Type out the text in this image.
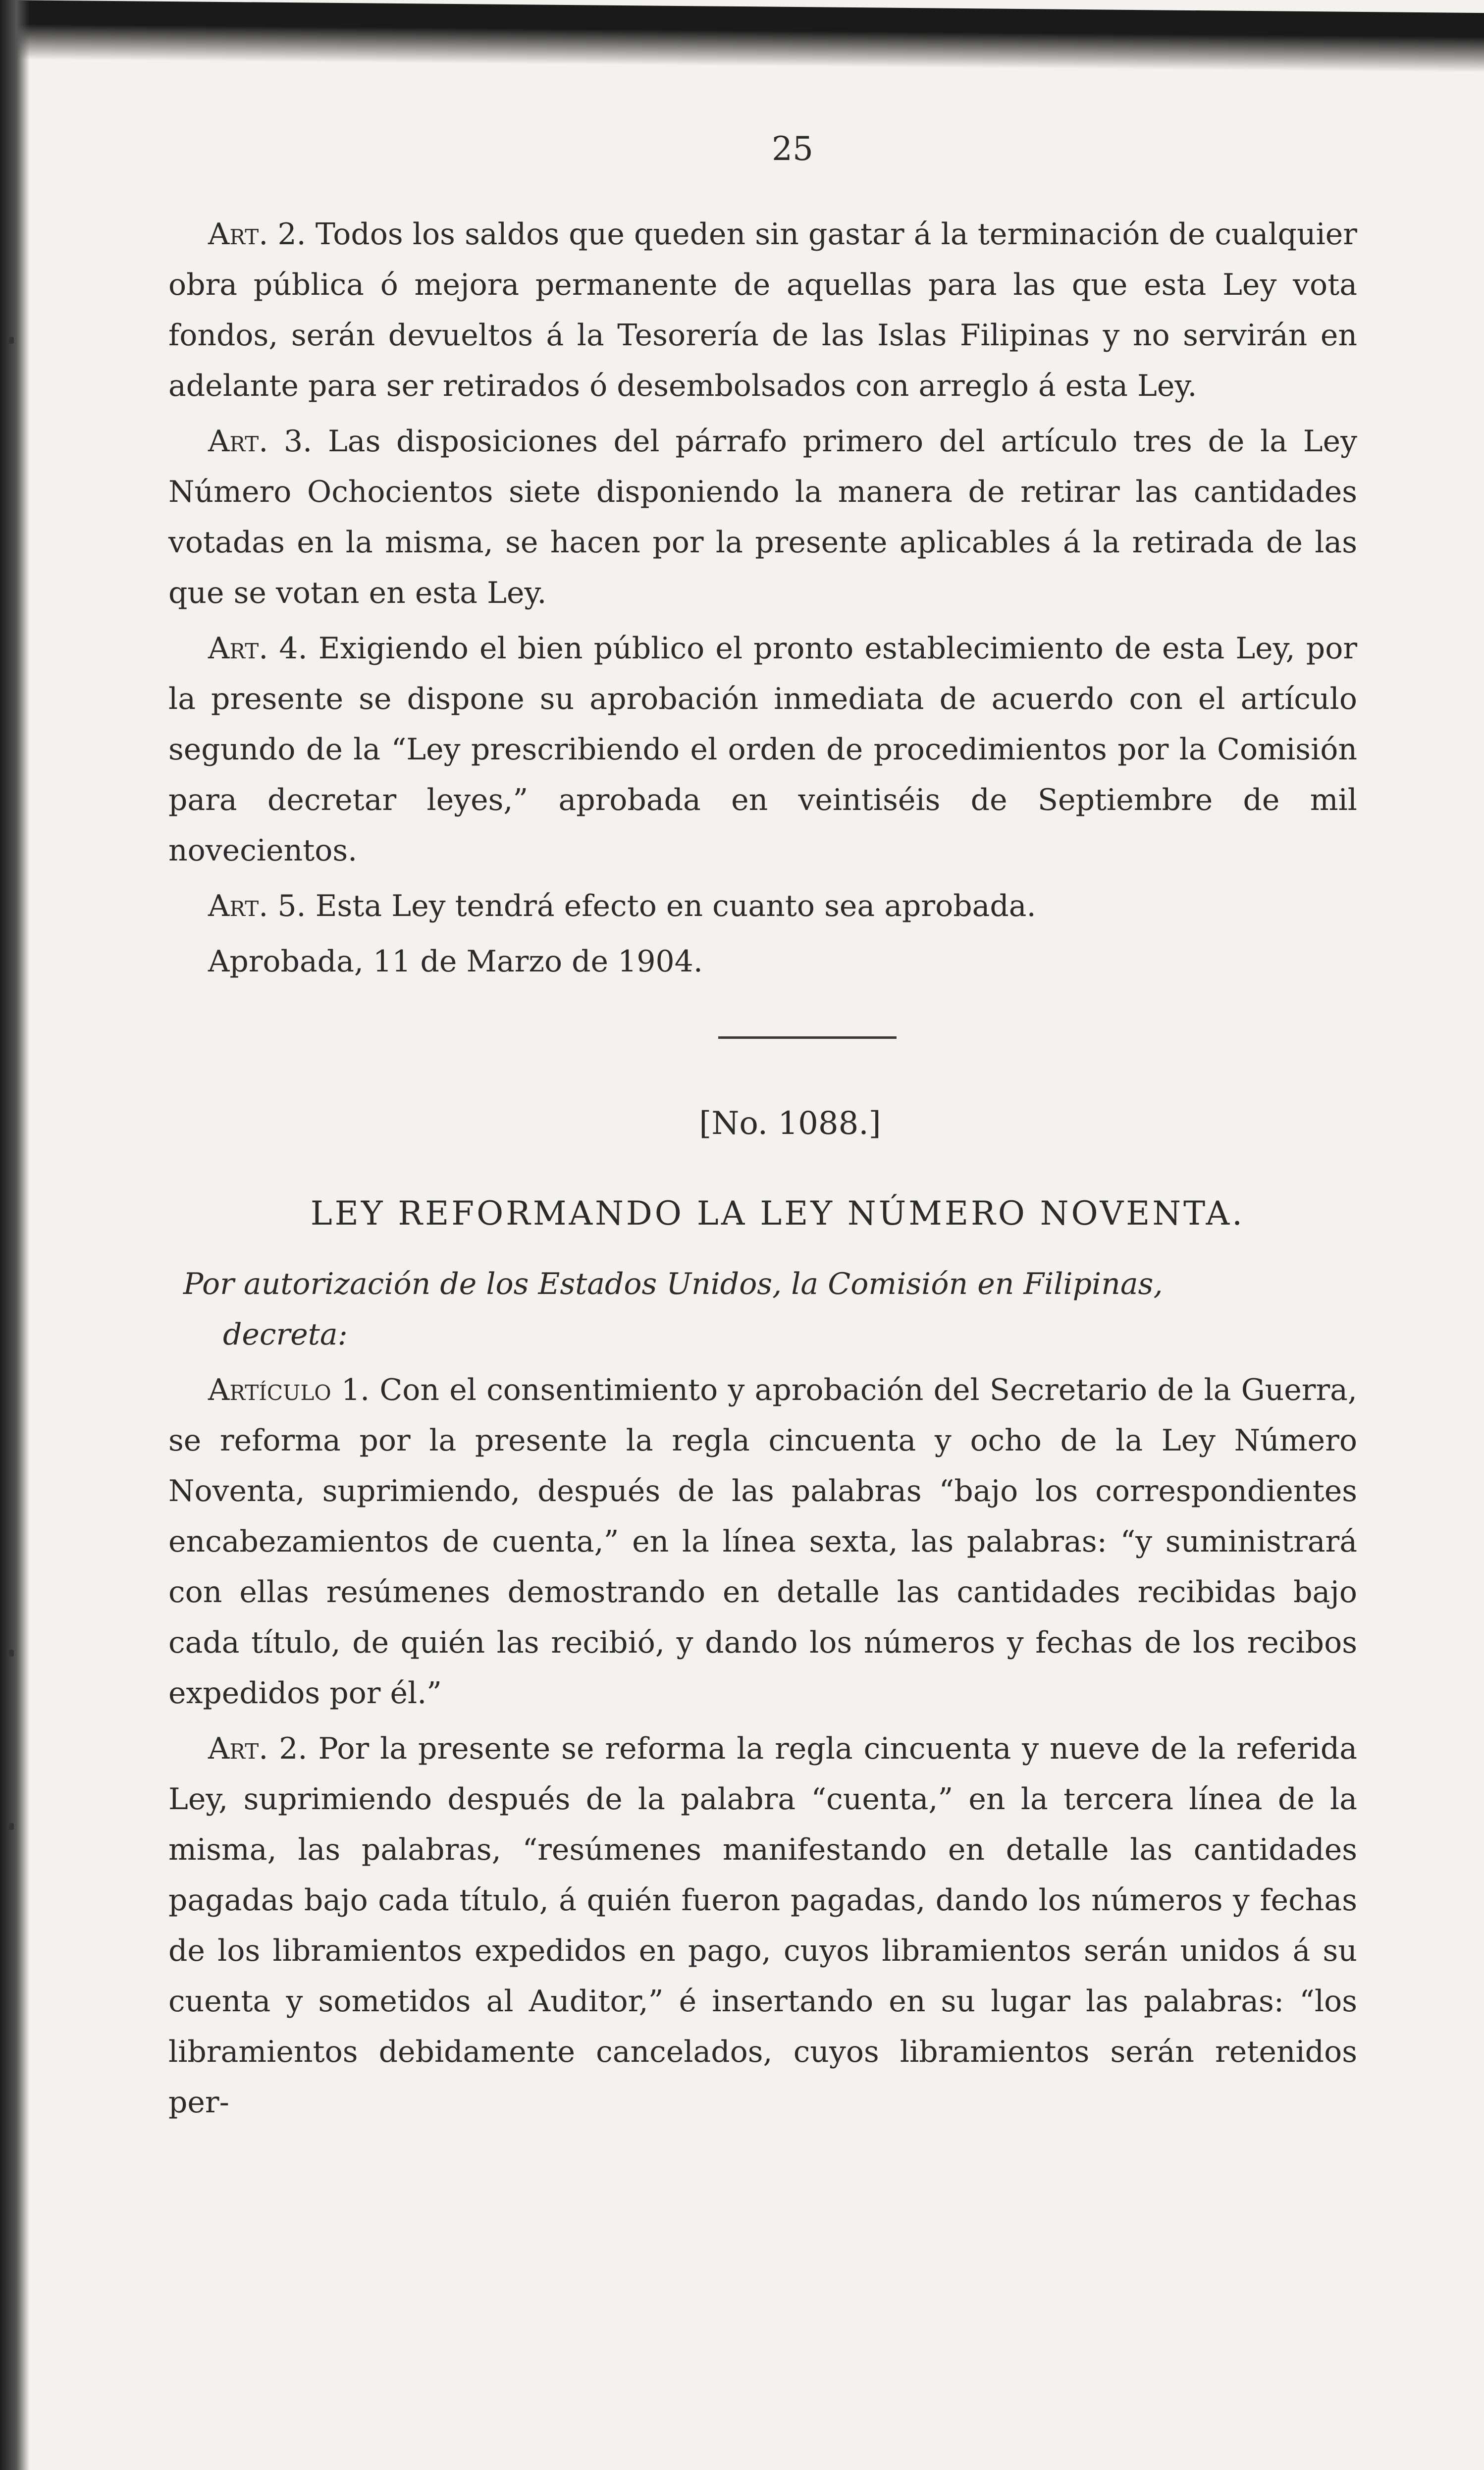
25

Art. 2. Todos los saldos que queden sin gastar á la terminación de cualquier obra pública ó mejora permanente de aquellas para las que esta Ley vota fondos, serán devueltos á la Tesorería de las Islas Filipinas y no servirán en adelante para ser retirados ó desembolsados con arreglo á esta Ley.

Art. 3. Las disposiciones del párrafo primero del artículo tres de la Ley Número Ochocientos siete disponiendo la manera de retirar las cantidades votadas en la misma, se hacen por la presente aplicables á la retirada de las que se votan en esta Ley.

Art. 4. Exigiendo el bien público el pronto establecimiento de esta Ley, por la presente se dispone su aprobación inmediata de acuerdo con el artículo segundo de la “Ley prescribiendo el orden de procedimientos por la Comisión para decretar leyes,” aprobada en veintiséis de Septiembre de mil novecientos.

Art. 5. Esta Ley tendrá efecto en cuanto sea aprobada.

Aprobada, 11 de Marzo de 1904.

[No. 1088.]
LEY REFORMANDO LA LEY NÚMERO NOVENTA.
Por autorización de los Estados Unidos, la Comisión en Filipinas,
decreta:

Artículo 1. Con el consentimiento y aprobación del Secretario de la Guerra, se reforma por la presente la regla cincuenta y ocho de la Ley Número Noventa, suprimiendo, después de las palabras “bajo los correspondientes encabezamientos de cuenta,” en la línea sexta, las palabras: “y suministrará con ellas resúmenes demostrando en detalle las cantidades recibidas bajo cada título, de quién las recibió, y dando los números y fechas de los recibos expedidos por él.”

Art. 2. Por la presente se reforma la regla cincuenta y nueve de la referida Ley, suprimiendo después de la palabra “cuenta,” en la tercera línea de la misma, las palabras, “resúmenes manifestando en detalle las cantidades pagadas bajo cada título, á quién fueron pagadas, dando los números y fechas de los libramientos expedidos en pago, cuyos libramientos serán unidos á su cuenta y sometidos al Auditor,” é insertando en su lugar las palabras: “los libramientos debidamente cancelados, cuyos libramientos serán retenidos per-
